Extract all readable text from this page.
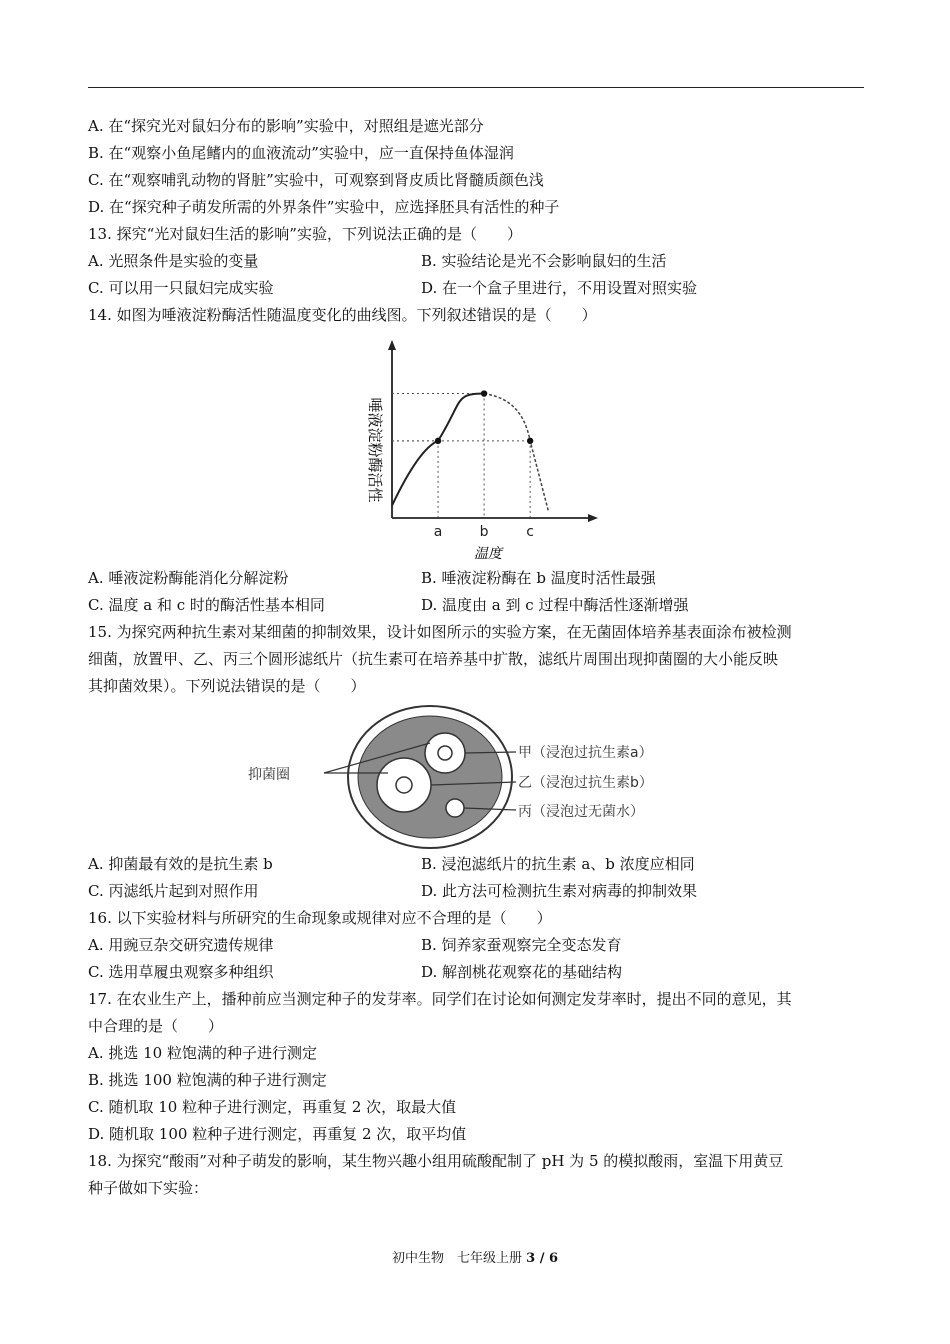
A. 在“探究光对鼠妇分布的影响”实验中，对照组是遮光部分
B. 在“观察小鱼尾鳍内的血液流动”实验中，应一直保持鱼体湿润
C. 在“观察哺乳动物的肾脏”实验中，可观察到肾皮质比肾髓质颜色浅
D. 在“探究种子萌发所需的外界条件”实验中，应选择胚具有活性的种子
13. 探究“光对鼠妇生活的影响”实验，下列说法正确的是（　　）
A. 光照条件是实验的变量	B. 实验结论是光不会影响鼠妇的生活
C. 可以用一只鼠妇完成实验	D. 在一个盒子里进行，不用设置对照实验
14. 如图为唾液淀粉酶活性随温度变化的曲线图。下列叙述错误的是（　　）
a	b	c
唾液淀粉酶活性
温度
A. 唾液淀粉酶能消化分解淀粉	B. 唾液淀粉酶在 b 温度时活性最强
C. 温度 a 和 c 时的酶活性基本相同	D. 温度由 a 到 c 过程中酶活性逐渐增强
15. 为探究两种抗生素对某细菌的抑制效果，设计如图所示的实验方案，在无菌固体培养基表面涂布被检测
细菌，放置甲、乙、丙三个圆形滤纸片（抗生素可在培养基中扩散，滤纸片周围出现抑菌圈的大小能反映
其抑菌效果）。下列说法错误的是（　　）
抑菌圈
甲（浸泡过抗生素a）
乙（浸泡过抗生素b）
丙（浸泡过无菌水）
A. 抑菌最有效的是抗生素 b	B. 浸泡滤纸片的抗生素 a、b 浓度应相同
C. 丙滤纸片起到对照作用	D. 此方法可检测抗生素对病毒的抑制效果
16. 以下实验材料与所研究的生命现象或规律对应不合理的是（　　）
A. 用豌豆杂交研究遗传规律	B. 饲养家蚕观察完全变态发育
C. 选用草履虫观察多种组织	D. 解剖桃花观察花的基础结构
17. 在农业生产上，播种前应当测定种子的发芽率。同学们在讨论如何测定发芽率时，提出不同的意见，其
中合理的是（　　）
A. 挑选 10 粒饱满的种子进行测定
B. 挑选 100 粒饱满的种子进行测定
C. 随机取 10 粒种子进行测定，再重复 2 次，取最大值
D. 随机取 100 粒种子进行测定，再重复 2 次，取平均值
18. 为探究“酸雨”对种子萌发的影响，某生物兴趣小组用硫酸配制了 pH 为 5 的模拟酸雨，室温下用黄豆
种子做如下实验：
初中生物　七年级上册 3 / 6
